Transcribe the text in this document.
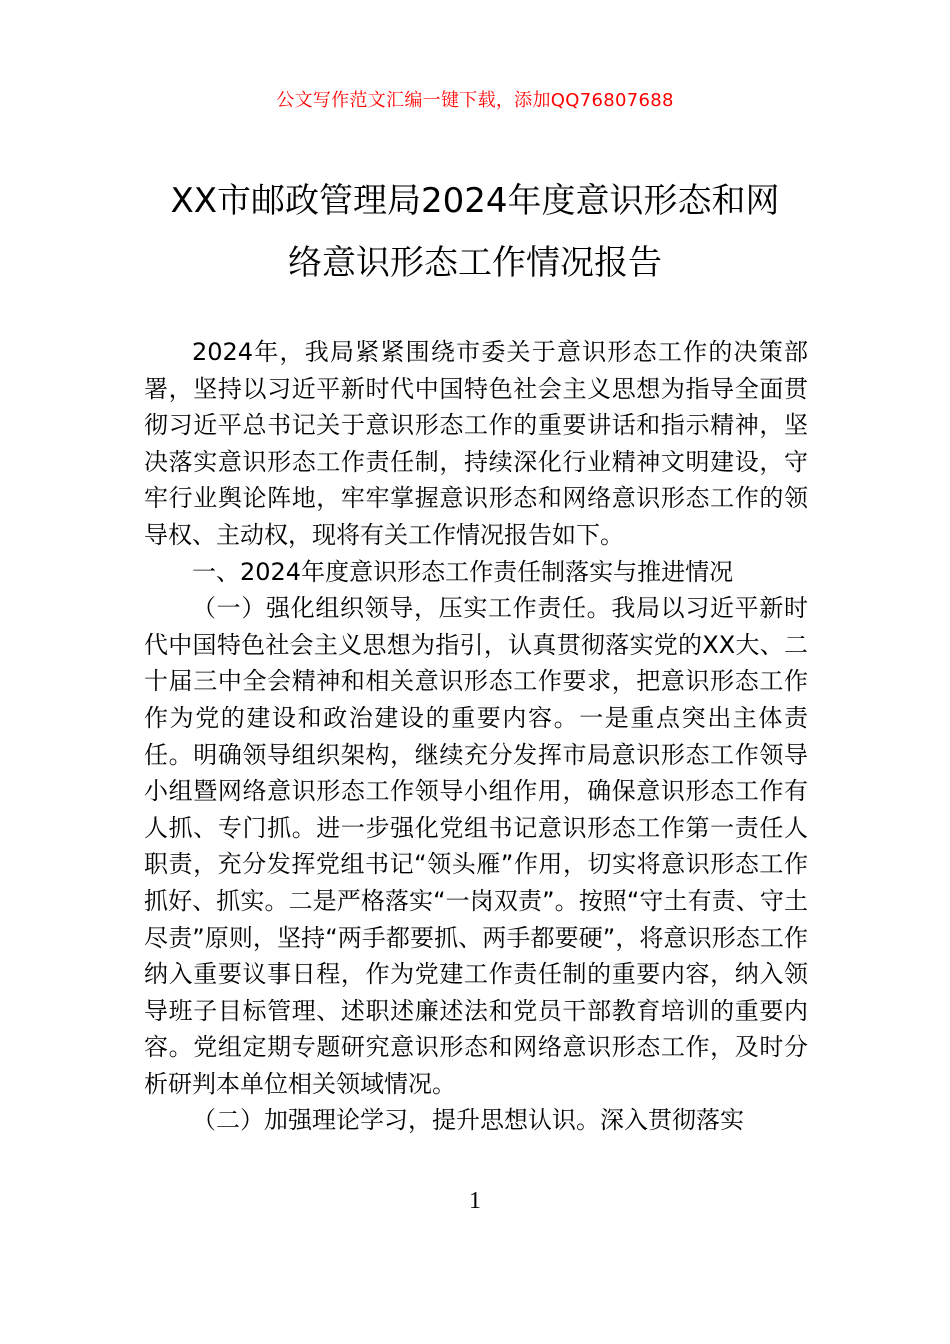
公文写作范文汇编一键下载，添加QQ76807688
XX市邮政管理局2024年度意识形态和网
络意识形态工作情况报告

2024年，我局紧紧围绕市委关于意识形态工作的决策部署，坚持以习近平新时代中国特色社会主义思想为指导全面贯彻习近平总书记关于意识形态工作的重要讲话和指示精神，坚决落实意识形态工作责任制，持续深化行业精神文明建设，守牢行业舆论阵地，牢牢掌握意识形态和网络意识形态工作的领导权、主动权，现将有关工作情况报告如下。

一、2024年度意识形态工作责任制落实与推进情况

（一）强化组织领导，压实工作责任。我局以习近平新时代中国特色社会主义思想为指引，认真贯彻落实党的XX大、二十届三中全会精神和相关意识形态工作要求，把意识形态工作作为党的建设和政治建设的重要内容。一是重点突出主体责任。明确领导组织架构，继续充分发挥市局意识形态工作领导小组暨网络意识形态工作领导小组作用，确保意识形态工作有人抓、专门抓。进一步强化党组书记意识形态工作第一责任人职责，充分发挥党组书记“领头雁”作用，切实将意识形态工作抓好、抓实。二是严格落实“一岗双责”。按照“守土有责、守土尽责”原则，坚持“两手都要抓、两手都要硬”，将意识形态工作纳入重要议事日程，作为党建工作责任制的重要内容，纳入领导班子目标管理、述职述廉述法和党员干部教育培训的重要内容。党组定期专题研究意识形态和网络意识形态工作，及时分析研判本单位相关领域情况。

（二）加强理论学习，提升思想认识。深入贯彻落实

1
